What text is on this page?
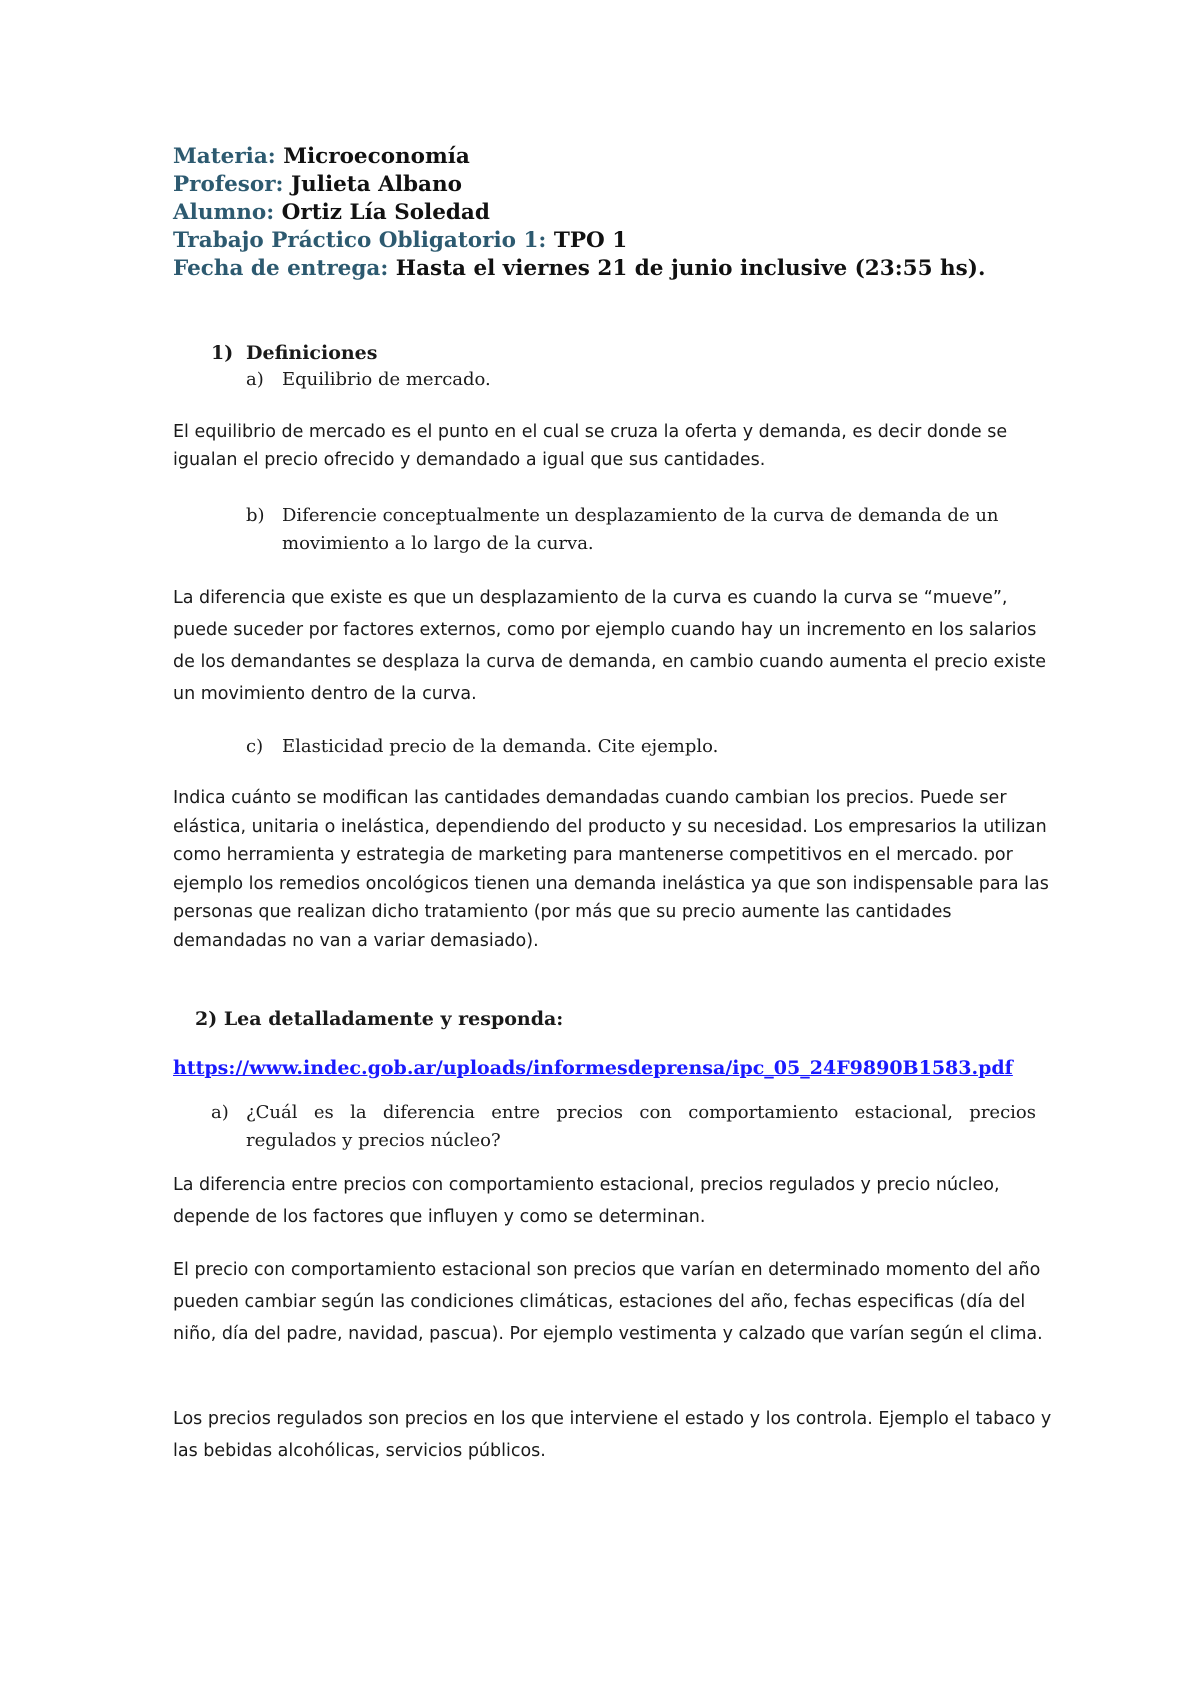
Materia: Microeconomía
Profesor: Julieta Albano
Alumno: Ortiz Lía Soledad
Trabajo Práctico Obligatorio 1: TPO 1
Fecha de entrega: Hasta el viernes 21 de junio inclusive (23:55 hs).
1) Definiciones
a) Equilibrio de mercado.
El equilibrio de mercado es el punto en el cual se cruza la oferta y demanda, es decir donde se igualan el precio ofrecido y demandado a igual que sus cantidades.
b) Diferencie conceptualmente un desplazamiento de la curva de demanda de un movimiento a lo largo de la curva.
La diferencia que existe es que un desplazamiento de la curva es cuando la curva se “mueve”, puede suceder por factores externos, como por ejemplo cuando hay un incremento en los salarios de los demandantes se desplaza la curva de demanda, en cambio cuando aumenta el precio existe un movimiento dentro de la curva.
c) Elasticidad precio de la demanda. Cite ejemplo.
Indica cuánto se modifican las cantidades demandadas cuando cambian los precios. Puede ser elástica, unitaria o inelástica, dependiendo del producto y su necesidad. Los empresarios la utilizan como herramienta y estrategia de marketing para mantenerse competitivos en el mercado. por ejemplo los remedios oncológicos tienen una demanda inelástica ya que son indispensable para las personas que realizan dicho tratamiento (por más que su precio aumente las cantidades demandadas no van a variar demasiado).
2) Lea detalladamente y responda:
https://www.indec.gob.ar/uploads/informesdeprensa/ipc_05_24F9890B1583.pdf
a) ¿Cuál es la diferencia entre precios con comportamiento estacional, precios regulados y precios núcleo?
La diferencia entre precios con comportamiento estacional, precios regulados y precio núcleo, depende de los factores que influyen y como se determinan.
El precio con comportamiento estacional son precios que varían en determinado momento del año pueden cambiar según las condiciones climáticas, estaciones del año, fechas especificas (día del niño, día del padre, navidad, pascua). Por ejemplo vestimenta y calzado que varían según el clima.
Los precios regulados son precios en los que interviene el estado y los controla. Ejemplo el tabaco y las bebidas alcohólicas, servicios públicos.
